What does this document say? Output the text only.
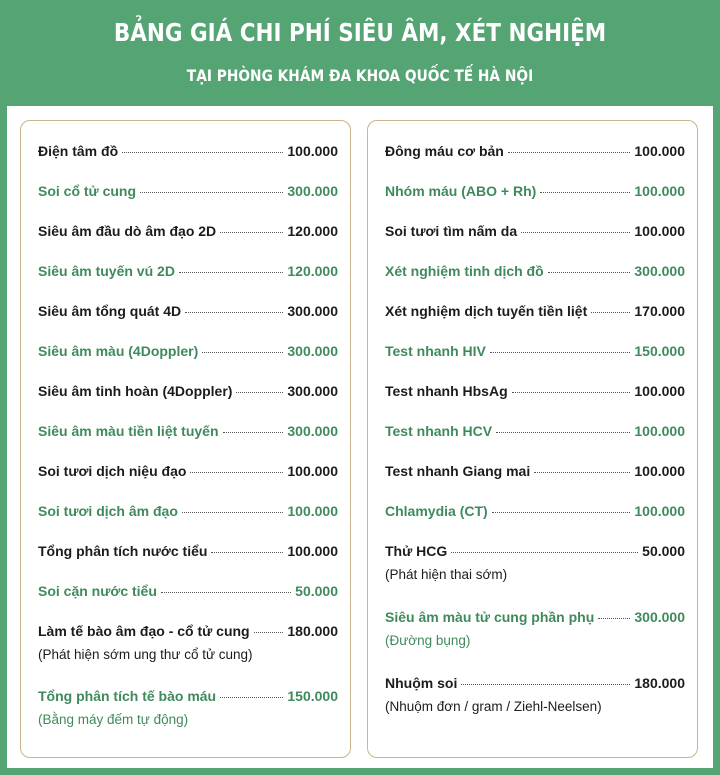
BẢNG GIÁ CHI PHÍ SIÊU ÂM, XÉT NGHIỆM
TẠI PHÒNG KHÁM ĐA KHOA QUỐC TẾ HÀ NỘI
Điện tâm đồ	100.000
Soi cổ tử cung	300.000
Siêu âm đầu dò âm đạo 2D	120.000
Siêu âm tuyến vú 2D	120.000
Siêu âm tổng quát 4D	300.000
Siêu âm màu (4Doppler)	300.000
Siêu âm tinh hoàn (4Doppler)	300.000
Siêu âm màu tiền liệt tuyến	300.000
Soi tươi dịch niệu đạo	100.000
Soi tươi dịch âm đạo	100.000
Tổng phân tích nước tiểu	100.000
Soi cặn nước tiểu	50.000
Làm tế bào âm đạo - cổ tử cung	180.000
(Phát hiện sớm ung thư cổ tử cung)
Tổng phân tích tế bào máu	150.000
(Bằng máy đếm tự động)
Đông máu cơ bản	100.000
Nhóm máu (ABO + Rh)	100.000
Soi tươi tìm nấm da	100.000
Xét nghiệm tinh dịch đồ	300.000
Xét nghiệm dịch tuyến tiền liệt	170.000
Test nhanh HIV	150.000
Test nhanh HbsAg	100.000
Test nhanh HCV	100.000
Test nhanh Giang mai	100.000
Chlamydia (CT)	100.000
Thử HCG	50.000
(Phát hiện thai sớm)
Siêu âm màu tử cung phần phụ	300.000
(Đường bụng)
Nhuộm soi	180.000
(Nhuộm đơn / gram / Ziehl-Neelsen)
